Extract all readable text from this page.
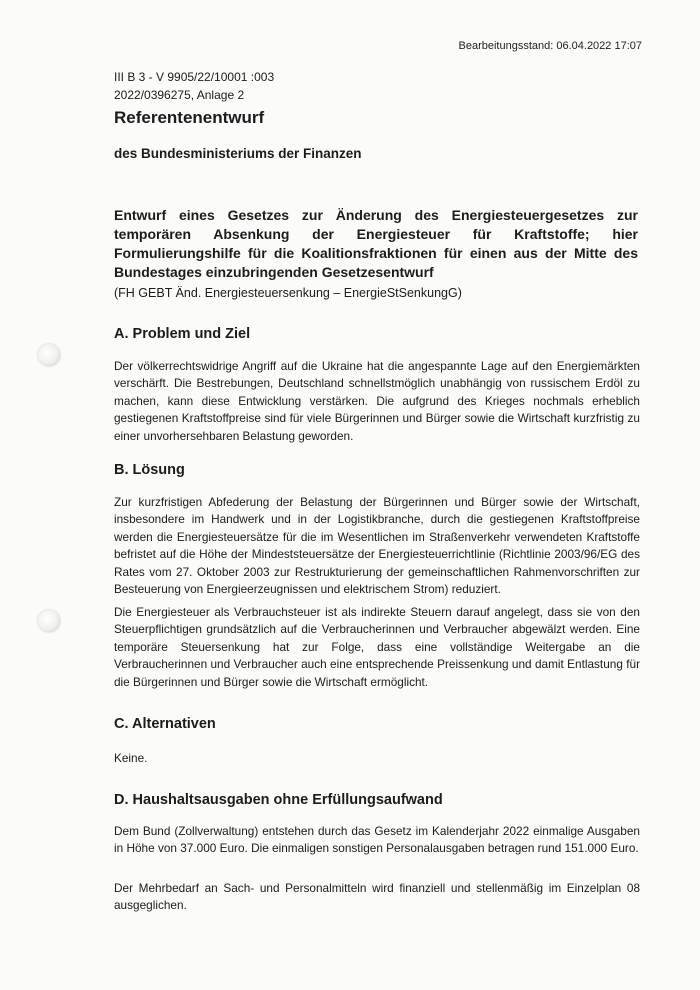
Bearbeitungsstand: 06.04.2022 17:07
III B 3 - V 9905/22/10001 :003
2022/0396275, Anlage 2
Referentenentwurf
des Bundesministeriums der Finanzen
Entwurf eines Gesetzes zur Änderung des Energiesteuergesetzes zur temporären Absenkung der Energiesteuer für Kraftstoffe; hier Formulierungshilfe für die Koalitionsfraktionen für einen aus der Mitte des Bundestages einzubringenden Gesetzesentwurf
(FH GEBT Änd. Energiesteuersenkung – EnergieStSenkungG)
A. Problem und Ziel
Der völkerrechtswidrige Angriff auf die Ukraine hat die angespannte Lage auf den Energiemärkten verschärft. Die Bestrebungen, Deutschland schnellstmöglich unabhängig von russischem Erdöl zu machen, kann diese Entwicklung verstärken. Die aufgrund des Krieges nochmals erheblich gestiegenen Kraftstoffpreise sind für viele Bürgerinnen und Bürger sowie die Wirtschaft kurzfristig zu einer unvorhersehbaren Belastung geworden.
B. Lösung
Zur kurzfristigen Abfederung der Belastung der Bürgerinnen und Bürger sowie der Wirtschaft, insbesondere im Handwerk und in der Logistikbranche, durch die gestiegenen Kraftstoffpreise werden die Energiesteuersätze für die im Wesentlichen im Straßenverkehr verwendeten Kraftstoffe befristet auf die Höhe der Mindeststeuersätze der Energiesteuerrichtlinie (Richtlinie 2003/96/EG des Rates vom 27. Oktober 2003 zur Restrukturierung der gemeinschaftlichen Rahmenvorschriften zur Besteuerung von Energieerzeugnissen und elektrischem Strom) reduziert.
Die Energiesteuer als Verbrauchsteuer ist als indirekte Steuern darauf angelegt, dass sie von den Steuerpflichtigen grundsätzlich auf die Verbraucherinnen und Verbraucher abgewälzt werden. Eine temporäre Steuersenkung hat zur Folge, dass eine vollständige Weitergabe an die Verbraucherinnen und Verbraucher auch eine entsprechende Preissenkung und damit Entlastung für die Bürgerinnen und Bürger sowie die Wirtschaft ermöglicht.
C. Alternativen
Keine.
D. Haushaltsausgaben ohne Erfüllungsaufwand
Dem Bund (Zollverwaltung) entstehen durch das Gesetz im Kalenderjahr 2022 einmalige Ausgaben in Höhe von 37.000 Euro. Die einmaligen sonstigen Personalausgaben betragen rund 151.000 Euro.
Der Mehrbedarf an Sach- und Personalmitteln wird finanziell und stellenmäßig im Einzelplan 08 ausgeglichen.
